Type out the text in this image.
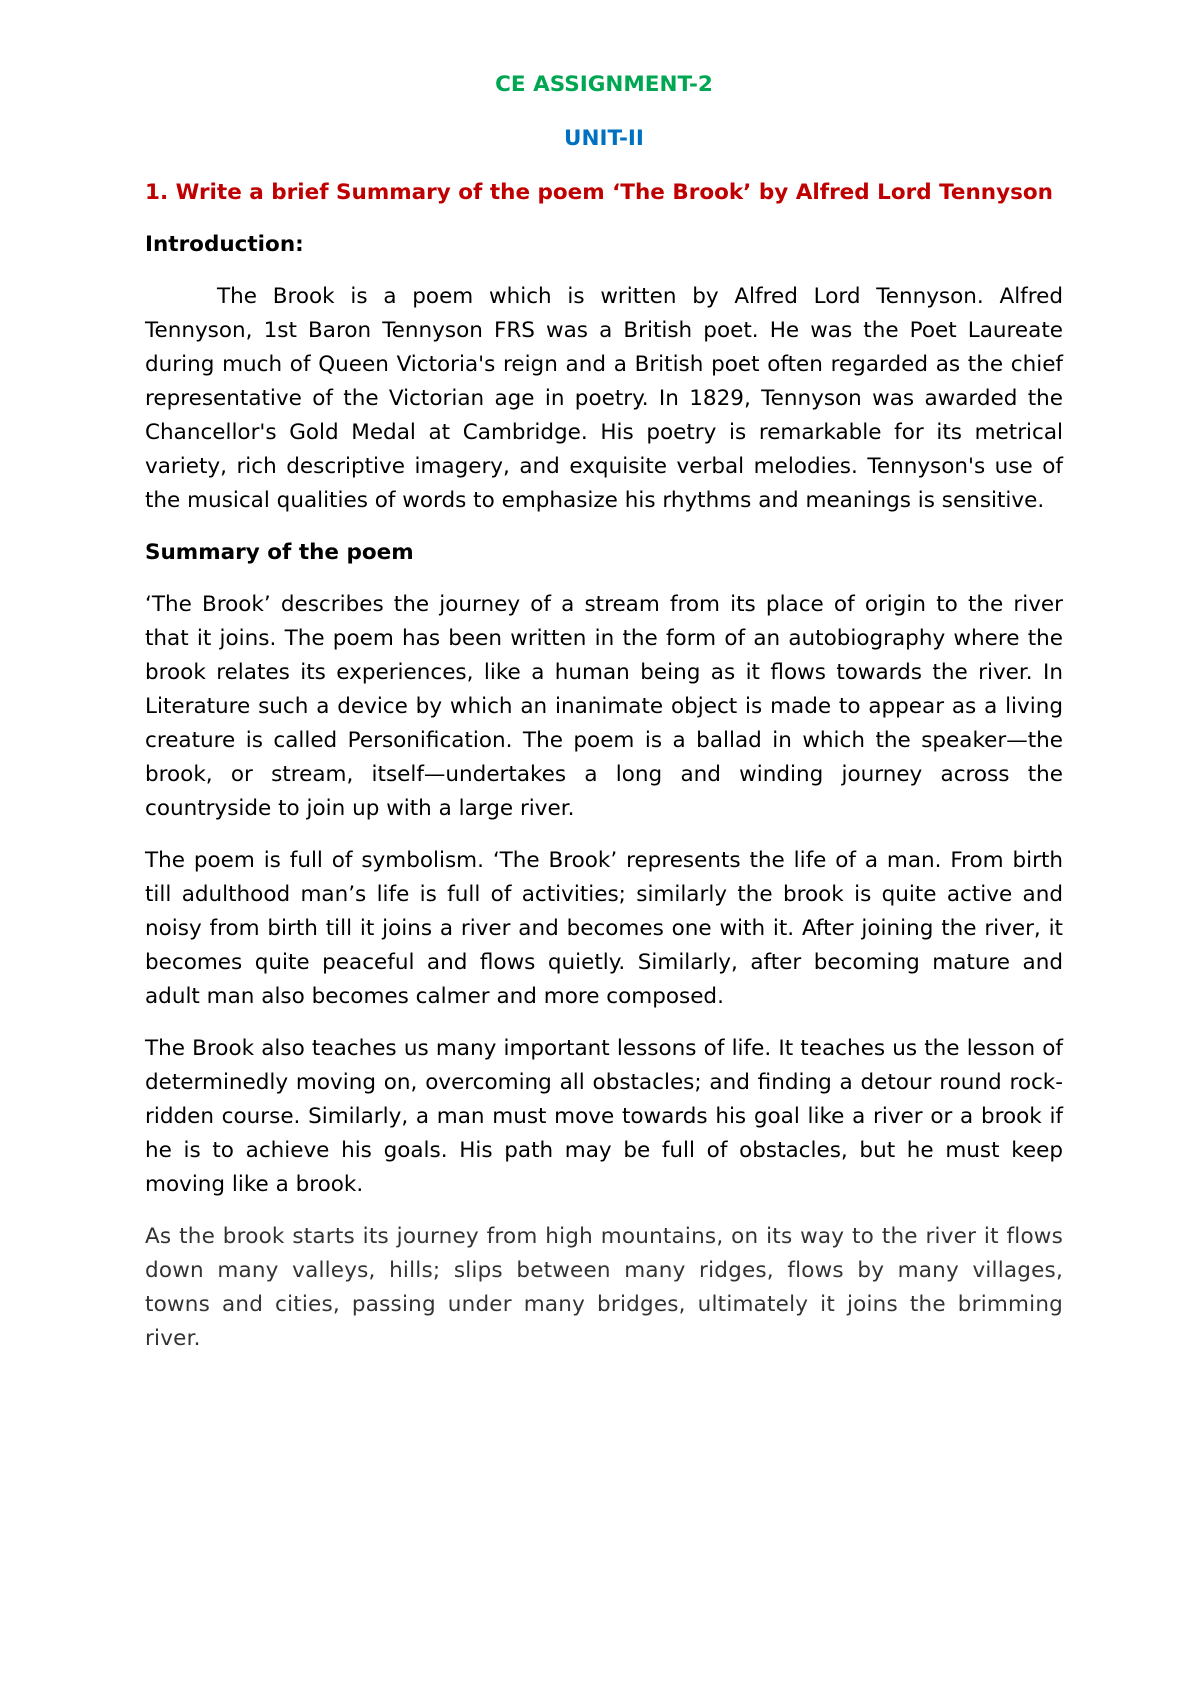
CE ASSIGNMENT-2
UNIT-II
1. Write a brief Summary of the poem ‘The Brook’ by Alfred Lord Tennyson
Introduction:

The Brook is a poem which is written by Alfred Lord Tennyson. Alfred Tennyson, 1st Baron Tennyson FRS was a British poet. He was the Poet Laureate during much of Queen Victoria's reign and a British poet often regarded as the chief representative of the Victorian age in poetry. In 1829, Tennyson was awarded the Chancellor's Gold Medal at Cambridge. His poetry is remarkable for its metrical variety, rich descriptive imagery, and exquisite verbal melodies. Tennyson's use of the musical qualities of words to emphasize his rhythms and meanings is sensitive.

Summary of the poem

‘The Brook’ describes the journey of a stream from its place of origin to the river that it joins. The poem has been written in the form of an autobiography where the brook relates its experiences, like a human being as it flows towards the river. In Literature such a device by which an inanimate object is made to appear as a living creature is called Personification. The poem is a ballad in which the speaker—the brook, or stream, itself—undertakes a long and winding journey across the countryside to join up with a large river.

The poem is full of symbolism. ‘The Brook’ represents the life of a man. From birth till adulthood man’s life is full of activities; similarly the brook is quite active and noisy from birth till it joins a river and becomes one with it. After joining the river, it becomes quite peaceful and flows quietly. Similarly, after becoming mature and adult man also becomes calmer and more composed.

The Brook also teaches us many important lessons of life. It teaches us the lesson of determinedly moving on, overcoming all obstacles; and finding a detour round rock-ridden course. Similarly, a man must move towards his goal like a river or a brook if he is to achieve his goals. His path may be full of obstacles, but he must keep moving like a brook.

As the brook starts its journey from high mountains, on its way to the river it flows down many valleys, hills; slips between many ridges, flows by many villages, towns and cities, passing under many bridges, ultimately it joins the brimming river.
